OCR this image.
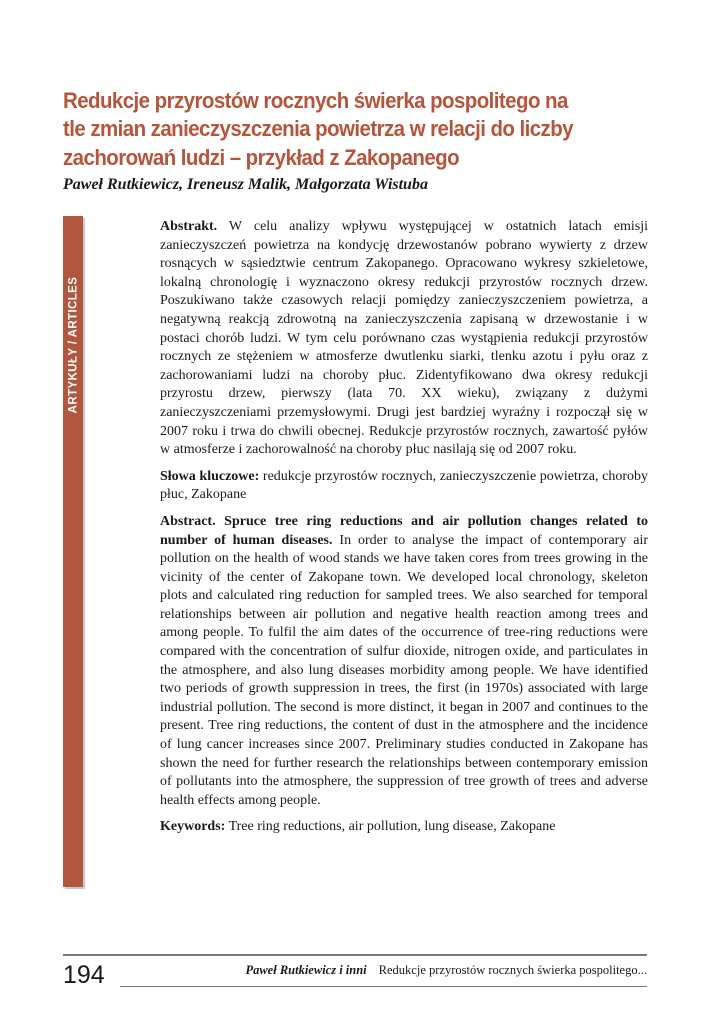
Redukcje przyrostów rocznych świerka pospolitego na
tle zmian zanieczyszczenia powietrza w relacji do liczby
zachorowań ludzi – przykład z Zakopanego
Paweł Rutkiewicz, Ireneusz Malik, Małgorzata Wistuba
ARTYKUŁY / ARTICLES

Abstrakt. W celu analizy wpływu występującej w ostatnich latach emisji zanieczyszczeń powietrza na kondycję drzewostanów pobrano wywierty z drzew rosnących w sąsiedztwie centrum Zakopanego. Opracowano wykresy szkieletowe, lokalną chronologię i wyznaczono okresy redukcji przyrostów rocznych drzew. Poszukiwano także czasowych relacji pomiędzy zanieczyszczeniem powietrza, a negatywną reakcją zdrowotną na zanieczyszczenia zapisaną w drzewostanie i w postaci chorób ludzi. W tym celu porównano czas wystąpienia redukcji przyrostów rocznych ze stężeniem w atmosferze dwutlenku siarki, tlenku azotu i pyłu oraz z zachorowaniami ludzi na choroby płuc. Zidentyfikowano dwa okresy redukcji przyrostu drzew, pierwszy (lata 70. XX wieku), związany z dużymi zanieczyszczeniami przemysłowymi. Drugi jest bardziej wyraźny i rozpoczął się w 2007 roku i trwa do chwili obecnej. Redukcje przyrostów rocznych, zawartość pyłów w atmosferze i zachorowalność na choroby płuc nasilają się od 2007 roku.

Słowa kluczowe: redukcje przyrostów rocznych, zanieczyszczenie powietrza, choroby płuc, Zakopane

Abstract. Spruce tree ring reductions and air pollution changes related to number of human diseases. In order to analyse the impact of contemporary air pollution on the health of wood stands we have taken cores from trees growing in the vicinity of the center of Zakopane town. We developed local chronology, skeleton plots and calculated ring reduction for sampled trees. We also searched for temporal relationships between air pollution and negative health reaction among trees and among people. To fulfil the aim dates of the occurrence of tree-ring reductions were compared with the concentration of sulfur dioxide, nitrogen oxide, and particulates in the atmosphere, and also lung diseases morbidity among people. We have identified two periods of growth suppression in trees, the first (in 1970s) associated with large industrial pollution. The second is more distinct, it began in 2007 and continues to the present. Tree ring reductions, the content of dust in the atmosphere and the incidence of lung cancer increases since 2007. Preliminary studies conducted in Zakopane has shown the need for further research the relationships between contemporary emission of pollutants into the atmosphere, the suppression of tree growth of trees and adverse health effects among people.

Keywords: Tree ring reductions, air pollution, lung disease, Zakopane

194	Paweł Rutkiewicz i inni Redukcje przyrostów rocznych świerka pospolitego...
